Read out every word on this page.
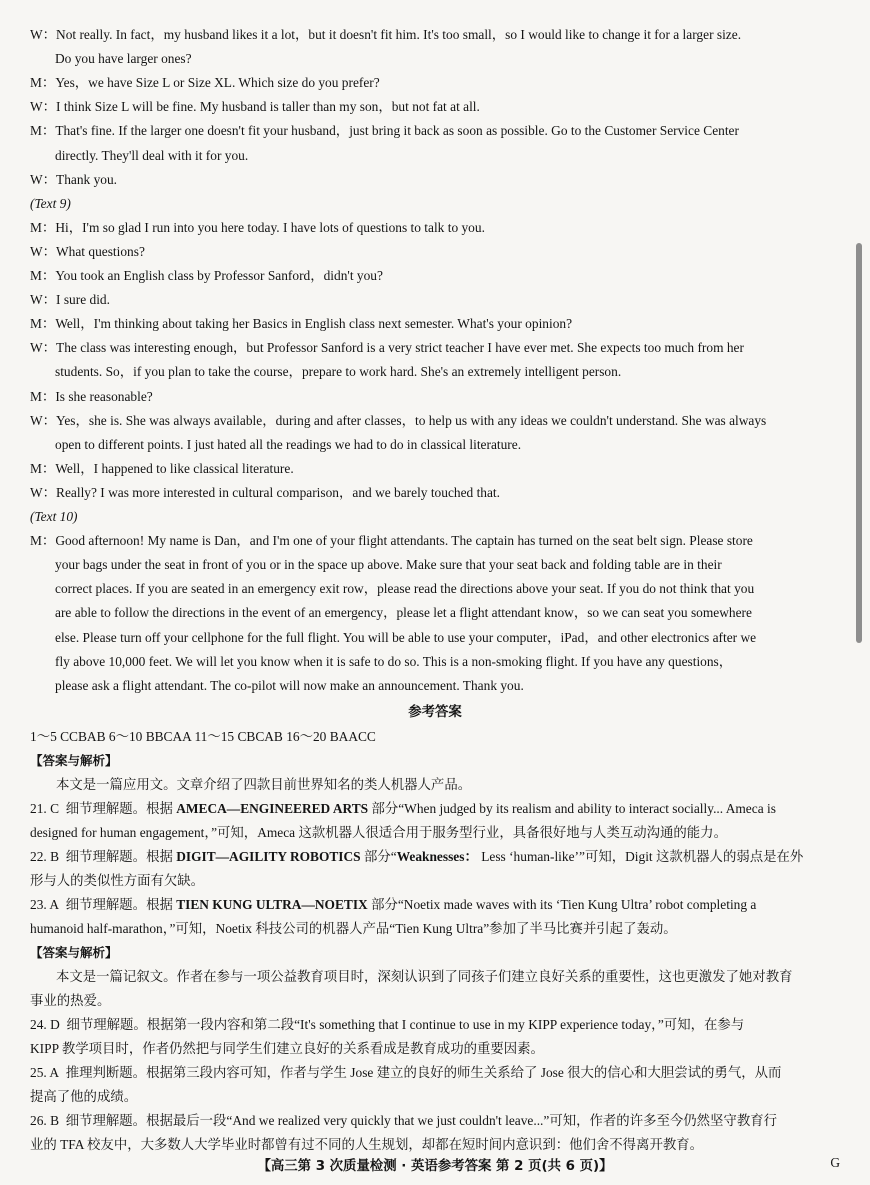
W：Not really. In fact，my husband likes it a lot，but it doesn't fit him. It's too small，so I would like to change it for a larger size.
Do you have larger ones?
M：Yes，we have Size L or Size XL. Which size do you prefer?
W：I think Size L will be fine. My husband is taller than my son，but not fat at all.
M：That's fine. If the larger one doesn't fit your husband，just bring it back as soon as possible. Go to the Customer Service Center
directly. They'll deal with it for you.
W：Thank you.
(Text 9)
M：Hi，I'm so glad I run into you here today. I have lots of questions to talk to you.
W：What questions?
M：You took an English class by Professor Sanford，didn't you?
W：I sure did.
M：Well，I'm thinking about taking her Basics in English class next semester. What's your opinion?
W：The class was interesting enough，but Professor Sanford is a very strict teacher I have ever met. She expects too much from her
students. So，if you plan to take the course，prepare to work hard. She's an extremely intelligent person.
M：Is she reasonable?
W：Yes，she is. She was always available，during and after classes，to help us with any ideas we couldn't understand. She was always
open to different points. I just hated all the readings we had to do in classical literature.
M：Well，I happened to like classical literature.
W：Really? I was more interested in cultural comparison，and we barely touched that.
(Text 10)
M：Good afternoon! My name is Dan，and I'm one of your flight attendants. The captain has turned on the seat belt sign. Please store
your bags under the seat in front of you or in the space up above. Make sure that your seat back and folding table are in their
correct places. If you are seated in an emergency exit row，please read the directions above your seat. If you do not think that you
are able to follow the directions in the event of an emergency，please let a flight attendant know，so we can seat you somewhere
else. Please turn off your cellphone for the full flight. You will be able to use your computer，iPad，and other electronics after we
fly above 10,000 feet. We will let you know when it is safe to do so. This is a non-smoking flight. If you have any questions，
please ask a flight attendant. The co-pilot will now make an announcement. Thank you.
参考答案
1～5 CCBAB 6～10 BBCAA 11～15 CBCAB 16～20 BAACC
【答案与解析】
本文是一篇应用文。文章介绍了四款目前世界知名的类人机器人产品。
21. C 细节理解题。根据 AMECA—ENGINEERED ARTS 部分“When judged by its realism and ability to interact socially... Ameca is
designed for human engagement，”可知，Ameca 这款机器人很适合用于服务型行业，具备很好地与人类互动沟通的能力。
22. B 细节理解题。根据 DIGIT—AGILITY ROBOTICS 部分“Weaknesses： Less ‘human-like’”可知，Digit 这款机器人的弱点是在外
形与人的类似性方面有欠缺。
23. A 细节理解题。根据 TIEN KUNG ULTRA—NOETIX 部分“Noetix made waves with its ‘Tien Kung Ultra’ robot completing a
humanoid half-marathon，”可知，Noetix 科技公司的机器人产品“Tien Kung Ultra”参加了半马比赛并引起了轰动。
【答案与解析】
本文是一篇记叙文。作者在参与一项公益教育项目时，深刻认识到了同孩子们建立良好关系的重要性，这也更激发了她对教育
事业的热爱。
24. D 细节理解题。根据第一段内容和第二段“It's something that I continue to use in my KIPP experience today，”可知，在参与
KIPP 教学项目时，作者仍然把与同学生们建立良好的关系看成是教育成功的重要因素。
25. A 推理判断题。根据第三段内容可知，作者与学生 Jose 建立的良好的师生关系给了 Jose 很大的信心和大胆尝试的勇气，从而
提高了他的成绩。
26. B 细节理解题。根据最后一段“And we realized very quickly that we just couldn't leave...”可知，作者的许多至今仍然坚守教育行
业的 TFA 校友中，大多数人大学毕业时都曾有过不同的人生规划，却都在短时间内意识到：他们舍不得离开教育。
【高三第 3 次质量检测 · 英语参考答案 第 2 页(共 6 页)】	G
